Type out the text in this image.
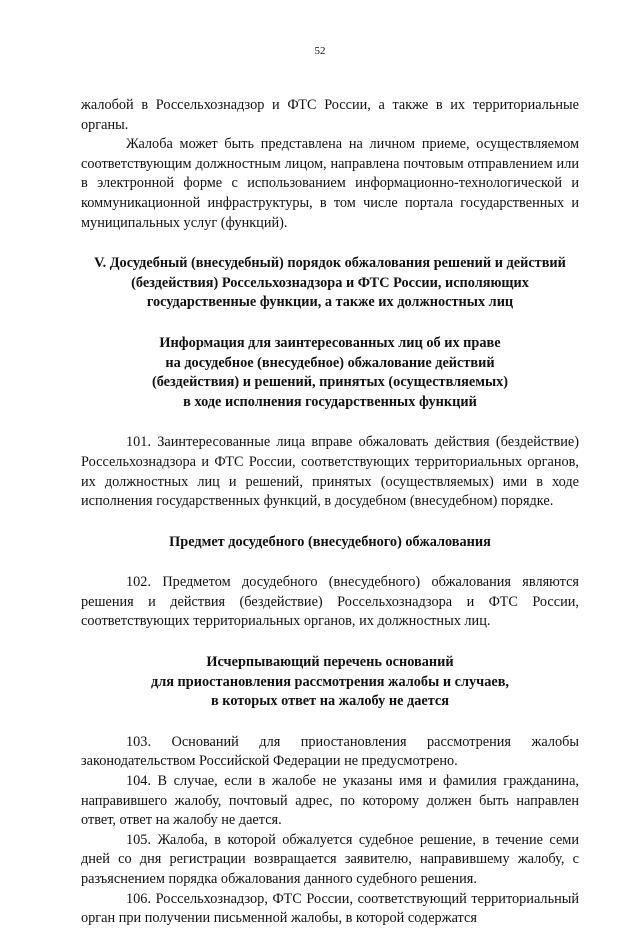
52

жалобой в Россельхознадзор и ФТС России, а также в их территориальные органы.

Жалоба может быть представлена на личном приеме, осуществляемом соответствующим должностным лицом, направлена почтовым отправлением или в электронной форме с использованием информационно-технологической и коммуникационной инфраструктуры, в том числе портала государственных и муниципальных услуг (функций).

V. Досудебный (внесудебный) порядок обжалования решений и действий
(бездействия) Россельхознадзора и ФТС России, исполяющих
государственные функции, а также их должностных лиц
Информация для заинтересованных лиц об их праве
на досудебное (внесудебное) обжалование действий
(бездействия) и решений, принятых (осуществляемых)
в ходе исполнения государственных функций

101. Заинтересованные лица вправе обжаловать действия (бездействие) Россельхознадзора и ФТС России, соответствующих территориальных органов, их должностных лиц и решений, принятых (осуществляемых) ими в ходе исполнения государственных функций, в досудебном (внесудебном) порядке.

Предмет досудебного (внесудебного) обжалования

102. Предметом досудебного (внесудебного) обжалования являются решения и действия (бездействие) Россельхознадзора и ФТС России, соответствующих территориальных органов, их должностных лиц.

Исчерпывающий перечень оснований
для приостановления рассмотрения жалобы и случаев,
в которых ответ на жалобу не дается

103. Оснований для приостановления рассмотрения жалобы законодательством Российской Федерации не предусмотрено.

104. В случае, если в жалобе не указаны имя и фамилия гражданина, направившего жалобу, почтовый адрес, по которому должен быть направлен ответ, ответ на жалобу не дается.

105. Жалоба, в которой обжалуется судебное решение, в течение семи дней со дня регистрации возвращается заявителю, направившему жалобу, с разъяснением порядка обжалования данного судебного решения.

106. Россельхознадзор, ФТС России, соответствующий территориальный орган при получении письменной жалобы, в которой содержатся
